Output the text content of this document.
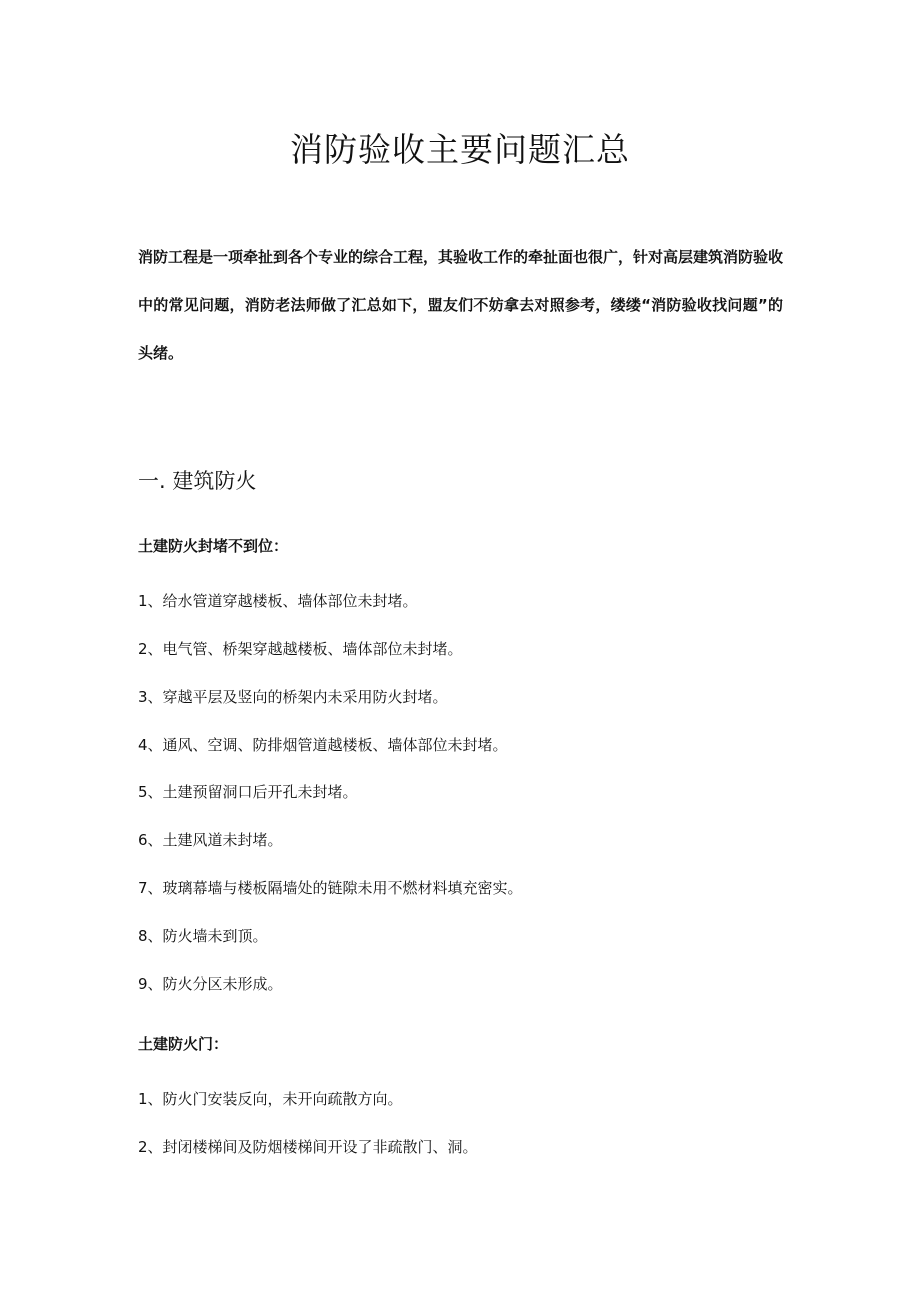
消防验收主要问题汇总

消防工程是一项牵扯到各个专业的综合工程，其验收工作的牵扯面也很广，针对高层建筑消防验收中的常见问题，消防老法师做了汇总如下，盟友们不妨拿去对照参考，缕缕“消防验收找问题”的头绪。

一. 建筑防火
土建防火封堵不到位：

1、给水管道穿越楼板、墙体部位未封堵。

2、电气管、桥架穿越越楼板、墙体部位未封堵。

3、穿越平层及竖向的桥架内未采用防火封堵。

4、通风、空调、防排烟管道越楼板、墙体部位未封堵。

5、土建预留洞口后开孔未封堵。

6、土建风道未封堵。

7、玻璃幕墙与楼板隔墙处的链隙未用不燃材料填充密实。

8、防火墙未到顶。

9、防火分区未形成。

土建防火门：

1、防火门安装反向，未开向疏散方向。

2、封闭楼梯间及防烟楼梯间开设了非疏散门、洞。
